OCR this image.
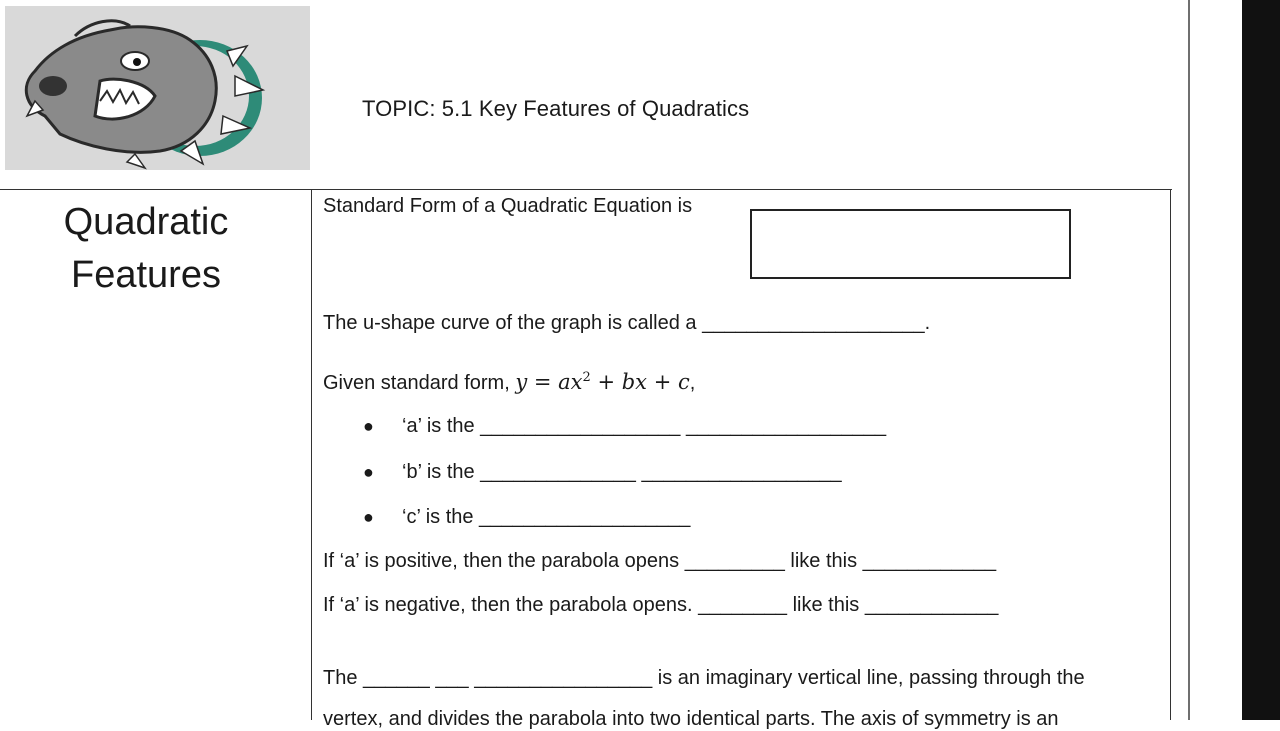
TOPIC: 5.1 Key Features of Quadratics
Quadratic
Features
Standard Form of a Quadratic Equation is
The u-shape curve of the graph is called a ____________________.
Given standard form, $y = ax^2$ + bx + c,
● ‘a’ is the __________________ __________________
● ‘b’ is the ______________ __________________
● ‘c’ is the ___________________
If ‘a’ is positive, then the parabola opens _________ like this ____________
If ‘a’ is negative, then the parabola opens. ________ like this ____________
The ______ ___ ________________ is an imaginary vertical line, passing through the
vertex, and divides the parabola into two identical parts. The axis of symmetry is an
